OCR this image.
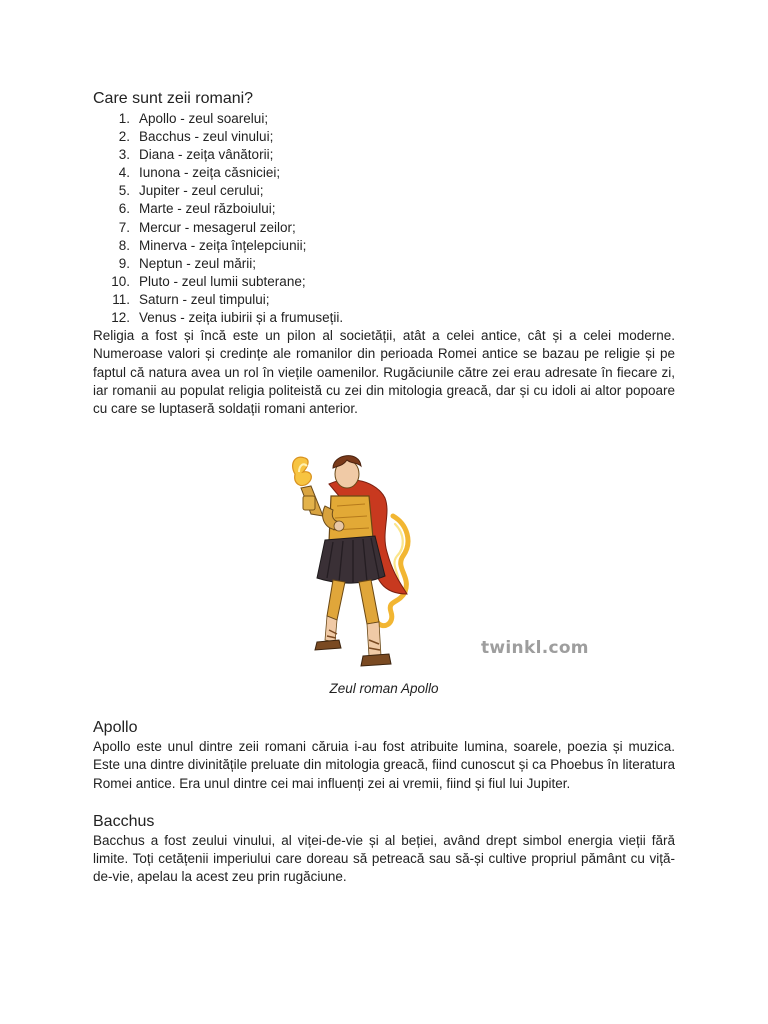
Care sunt zeii romani?
1. Apollo - zeul soarelui;
2. Bacchus - zeul vinului;
3. Diana - zeița vânătorii;
4. Iunona - zeița căsniciei;
5. Jupiter - zeul cerului;
6. Marte - zeul războiului;
7. Mercur - mesagerul zeilor;
8. Minerva - zeița înțelepciunii;
9. Neptun - zeul mării;
10. Pluto - zeul lumii subterane;
11. Saturn - zeul timpului;
12. Venus - zeița iubirii și a frumuseții.

Religia a fost și încă este un pilon al societății, atât a celei antice, cât și a celei moderne. Numeroase valori și credințe ale romanilor din perioada Romei antice se bazau pe religie și pe faptul că natura avea un rol în viețile oamenilor. Rugăciunile către zei erau adresate în fiecare zi, iar romanii au populat religia politeistă cu zei din mitologia greacă, dar și cu idoli ai altor popoare cu care se luptaseră soldații romani anterior.

twinkl.com
Zeul roman Apollo
Apollo

Apollo este unul dintre zeii romani căruia i-au fost atribuite lumina, soarele, poezia și muzica. Este una dintre divinitățile preluate din mitologia greacă, fiind cunoscut și ca Phoebus în literatura Romei antice. Era unul dintre cei mai influenți zei ai vremii, fiind și fiul lui Jupiter.

Bacchus

Bacchus a fost zeului vinului, al viței-de-vie și al beției, având drept simbol energia vieții fără limite. Toți cetățenii imperiului care doreau să petreacă sau să-și cultive propriul pământ cu viță-de-vie, apelau la acest zeu prin rugăciune.
